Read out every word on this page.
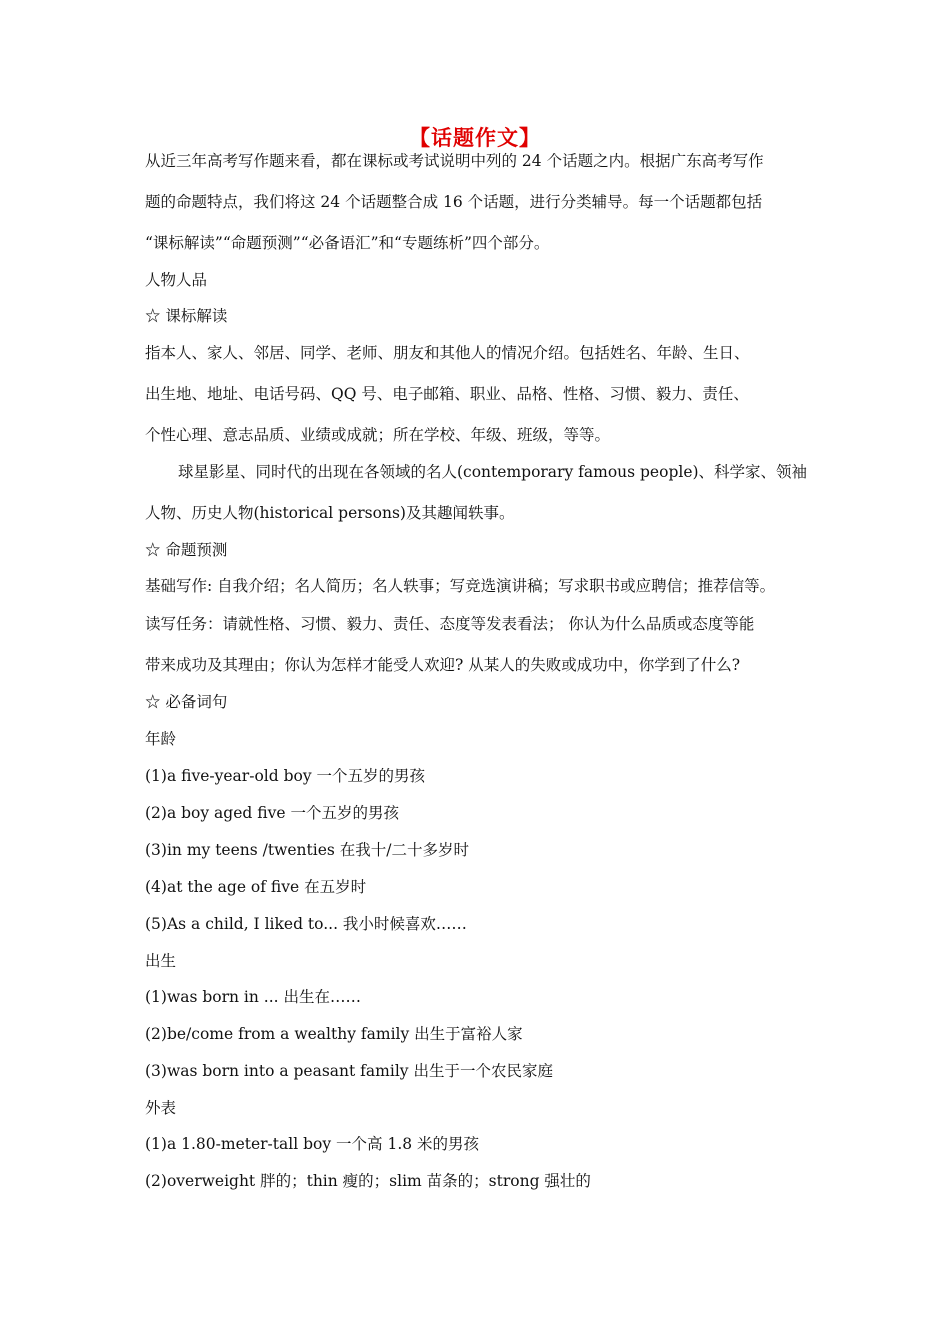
【话题作文】
从近三年高考写作题来看，都在课标或考试说明中列的 24 个话题之内。根据广东高考写作
题的命题特点，我们将这 24 个话题整合成 16 个话题，进行分类辅导。每一个话题都包括
“课标解读”“命题预测”“必备语汇”和“专题练析”四个部分。
人物人品
☆ 课标解读
指本人、家人、邻居、同学、老师、朋友和其他人的情况介绍。包括姓名、年龄、生日、
出生地、地址、电话号码、QQ 号、电子邮箱、职业、品格、性格、习惯、毅力、责任、
个性心理、意志品质、业绩或成就；所在学校、年级、班级，等等。
球星影星、同时代的出现在各领域的名人(contemporary famous people)、科学家、领袖
人物、历史人物(historical persons)及其趣闻轶事。
☆ 命题预测
基础写作: 自我介绍；名人简历；名人轶事；写竞选演讲稿；写求职书或应聘信；推荐信等。
读写任务：请就性格、习惯、毅力、责任、态度等发表看法； 你认为什么品质或态度等能
带来成功及其理由；你认为怎样才能受人欢迎? 从某人的失败或成功中，你学到了什么?
☆ 必备词句
年龄
(1)a five-year-old boy 一个五岁的男孩
(2)a boy aged five 一个五岁的男孩
(3)in my teens /twenties 在我十/二十多岁时
(4)at the age of five 在五岁时
(5)As a child, I liked to... 我小时候喜欢……
出生
(1)was born in ... 出生在……
(2)be/come from a wealthy family 出生于富裕人家
(3)was born into a peasant family 出生于一个农民家庭
外表
(1)a 1.80-meter-tall boy 一个高 1.8 米的男孩
(2)overweight 胖的；thin 瘦的；slim 苗条的；strong 强壮的
